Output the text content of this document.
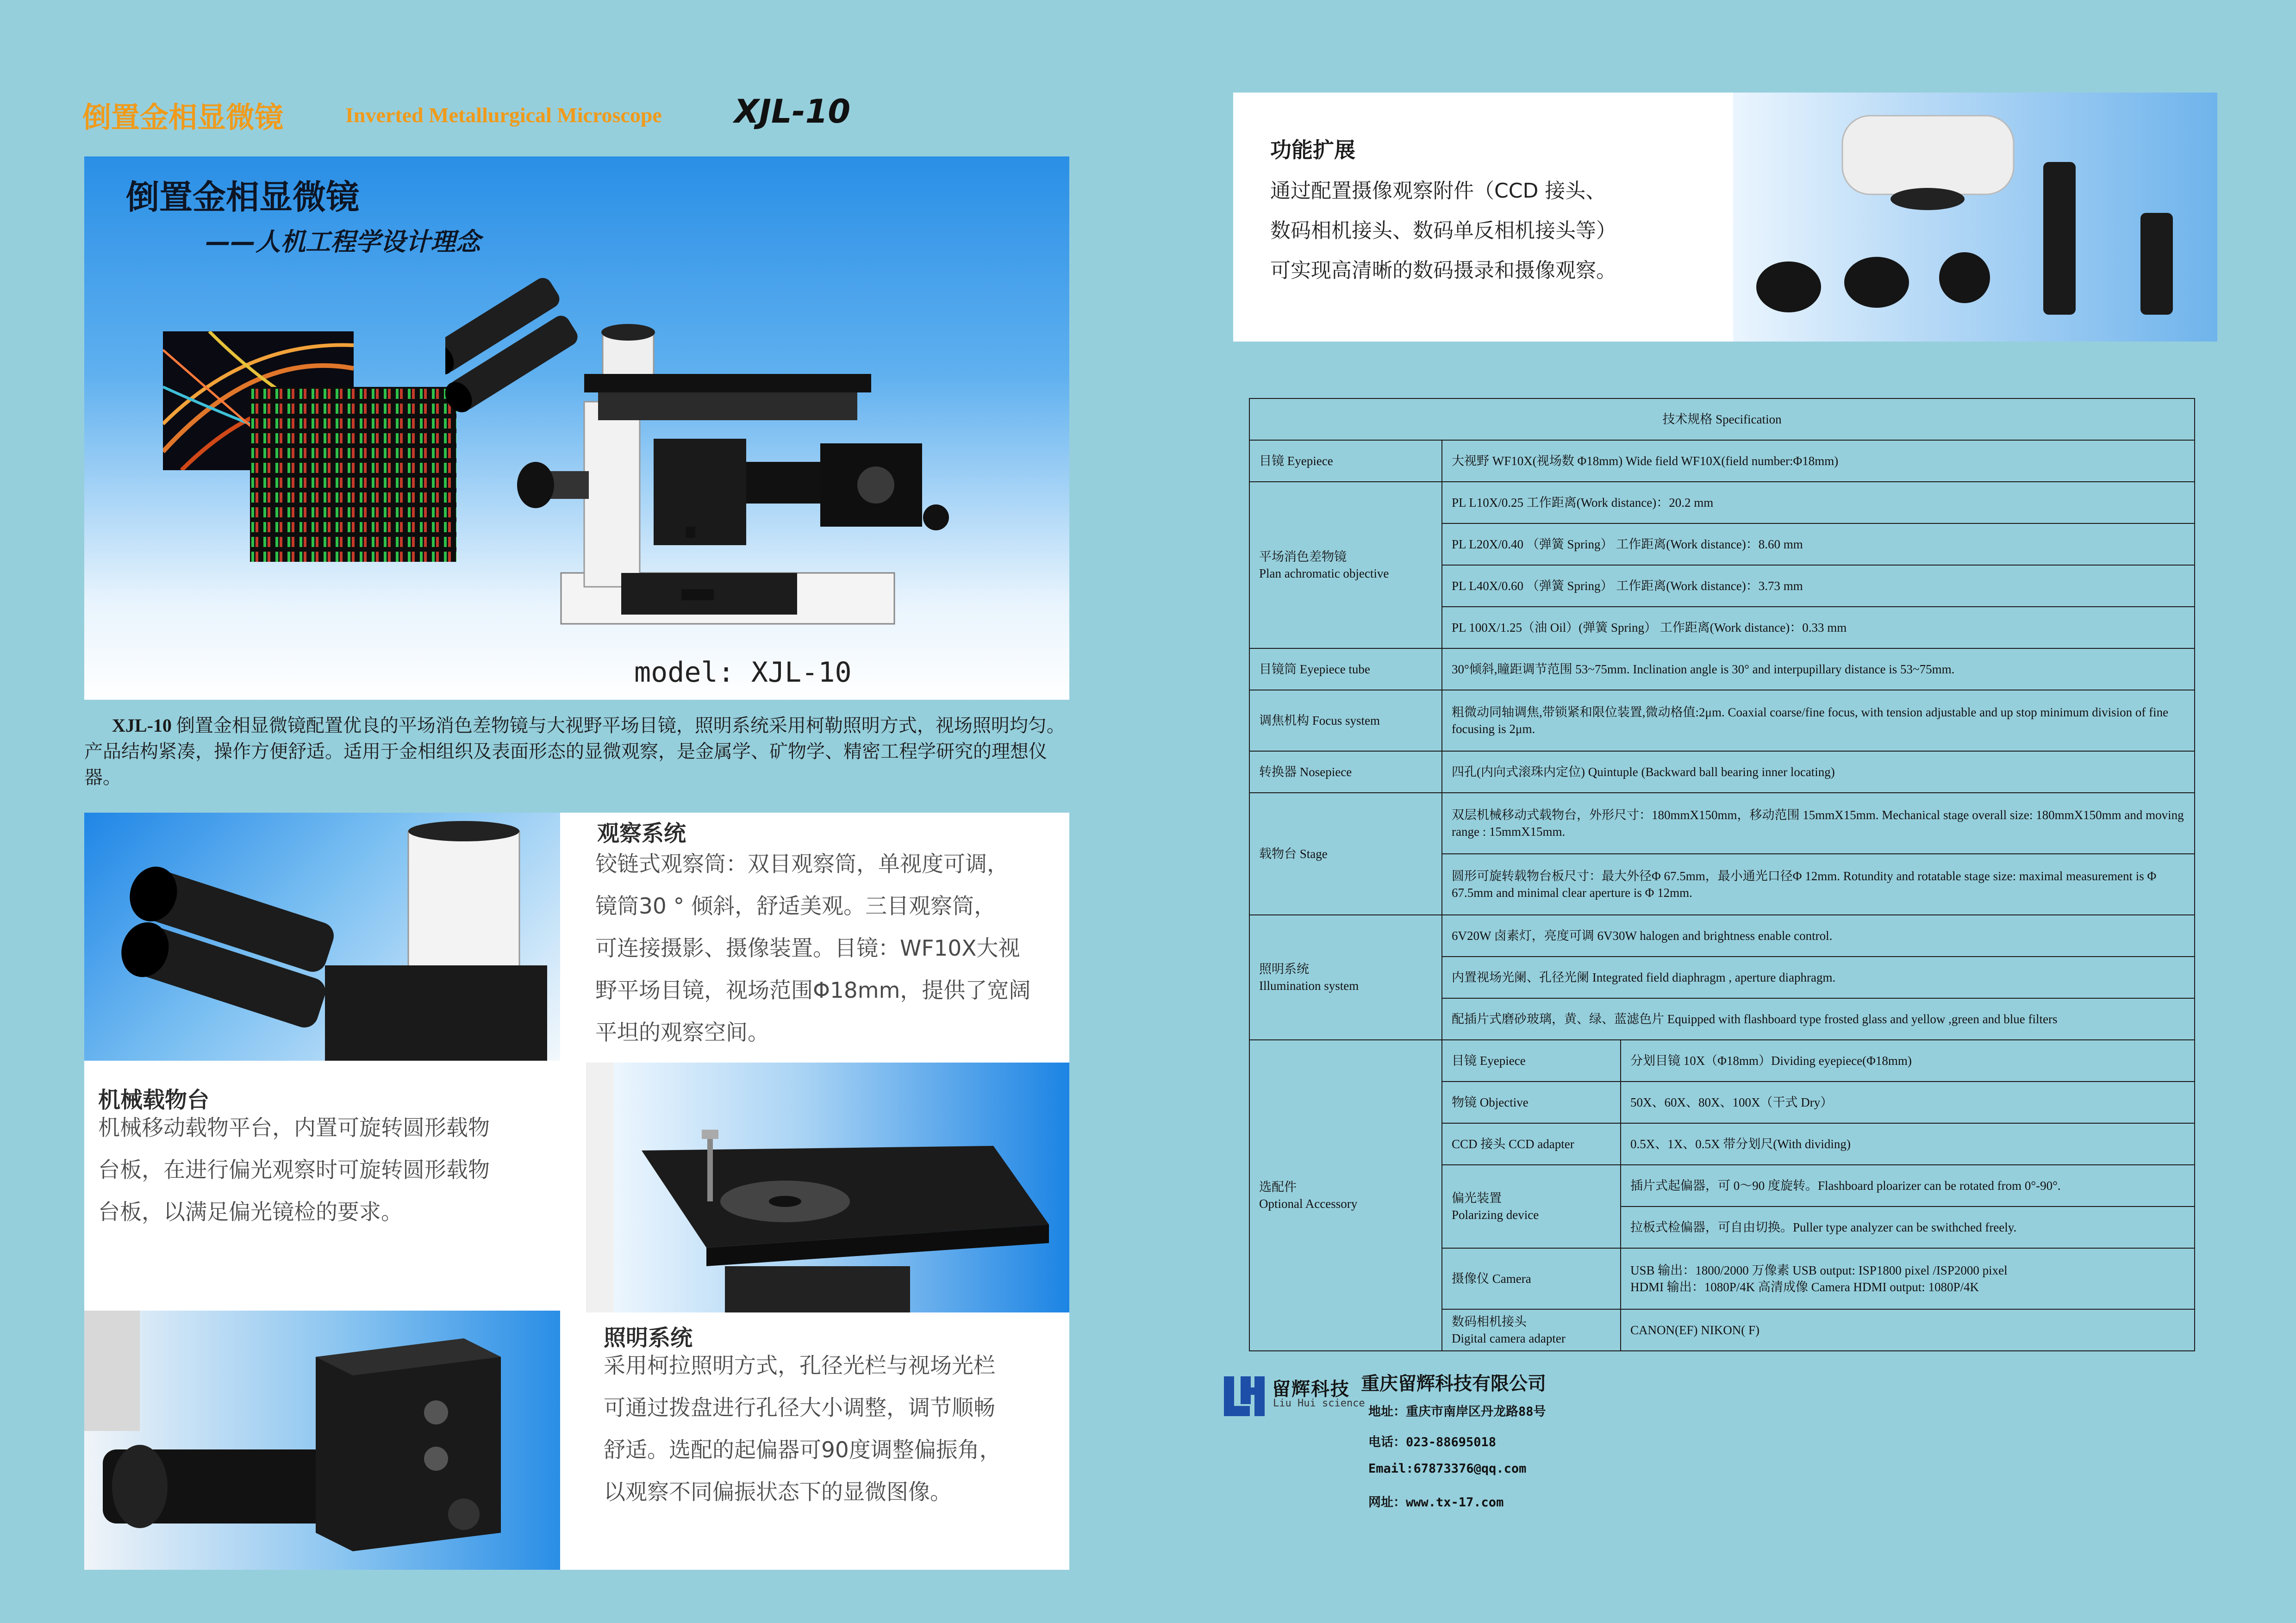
倒置金相显微镜	Inverted Metallurgical Microscope XJL-10
倒置金相显微镜
——人机工程学设计理念
model: XJL-10
XJL-10 倒置金相显微镜配置优良的平场消色差物镜与大视野平场目镜，照明系统采用柯勒照明方式，视场照明均匀。产品结构紧凑，操作方便舒适。适用于金相组织及表面形态的显微观察，是金属学、矿物学、精密工程学研究的理想仪器。
观察系统
铰链式观察筒：双目观察筒，单视度可调，
镜筒30 ° 倾斜，舒适美观。三目观察筒，
可连接摄影、摄像装置。目镜：WF10X大视
野平场目镜，视场范围Φ18mm，提供了宽阔
平坦的观察空间。
机械载物台
机械移动载物平台，内置可旋转圆形载物
台板，在进行偏光观察时可旋转圆形载物
台板，以满足偏光镜检的要求。
照明系统
采用柯拉照明方式，孔径光栏与视场光栏
可通过拨盘进行孔径大小调整，调节顺畅
舒适。选配的起偏器可90度调整偏振角，
以观察不同偏振状态下的显微图像。
功能扩展
通过配置摄像观察附件（CCD 接头、
数码相机接头、数码单反相机接头等）
可实现高清晰的数码摄录和摄像观察。
技术规格 Specification		
目镜 Eyepiece	大视野 WF10X(视场数 Φ18mm) Wide field WF10X(field number:Φ18mm)	

平场消色差物镜
Plan achromatic objective	PL L10X/0.25 工作距离(Work distance)：20.2 mm	
	PL L20X/0.40 （弹簧 Spring） 工作距离(Work distance)：8.60 mm	
	PL L40X/0.60 （弹簧 Spring） 工作距离(Work distance)：3.73 mm	
	PL 100X/1.25（油 Oil）(弹簧 Spring） 工作距离(Work distance)：0.33 mm	
目镜筒 Eyepiece tube	30°倾斜,瞳距调节范围 53~75mm. Inclination angle is 30° and interpupillary distance is 53~75mm.	
调焦机构 Focus system	粗微动同轴调焦,带锁紧和限位装置,微动格值:2μm. Coaxial coarse/fine focus, with tension adjustable and up stop minimum division of fine focusing is 2μm.	
转换器 Nosepiece	四孔(内向式滚珠内定位) Quintuple (Backward ball bearing inner locating)	
载物台 Stage	双层机械移动式载物台，外形尺寸：180mmX150mm，移动范围 15mmX15mm. Mechanical stage overall size: 180mmX150mm and moving range : 15mmX15mm.	
	圆形可旋转载物台板尺寸：最大外径Φ 67.5mm，最小通光口径Φ 12mm. Rotundity and rotatable stage size: maximal measurement is Φ 67.5mm and minimal clear aperture is Φ 12mm.	

照明系统
Illumination system	6V20W 卤素灯，亮度可调 6V30W halogen and brightness enable control.	
	内置视场光阑、孔径光阑 Integrated field diaphragm , aperture diaphragm.	
	配插片式磨砂玻璃，黄、绿、蓝滤色片 Equipped with flashboard type frosted glass and yellow ,green and blue filters	

选配件
Optional Accessory	目镜 Eyepiece	分划目镜 10X（Φ18mm）Dividing eyepiece(Φ18mm)
	物镜 Objective	50X、60X、80X、100X（干式 Dry）
	CCD 接头 CCD adapter	0.5X、1X、0.5X 带分划尺(With dividing)

	偏光装置
Polarizing device	插片式起偏器，可 0～90 度旋转。Flashboard ploarizer can be rotated from 0°-90°.
		拉板式检偏器，可自由切换。Puller type analyzer can be swithched freely.
	摄像仪 Camera	USB 输出：1800/2000 万像素 USB output: ISP1800 pixel /ISP2000 pixel
HDMI 输出：1080P/4K 高清成像 Camera HDMI output: 1080P/4K

	数码相机接头
Digital camera adapter	CANON(EF) NIKON( F)
留辉科技
Liu Hui science
重庆留辉科技有限公司
地址：重庆市南岸区丹龙路88号
电话：023-88695018
Email:67873376@qq.com
网址：www.tx-17.com
